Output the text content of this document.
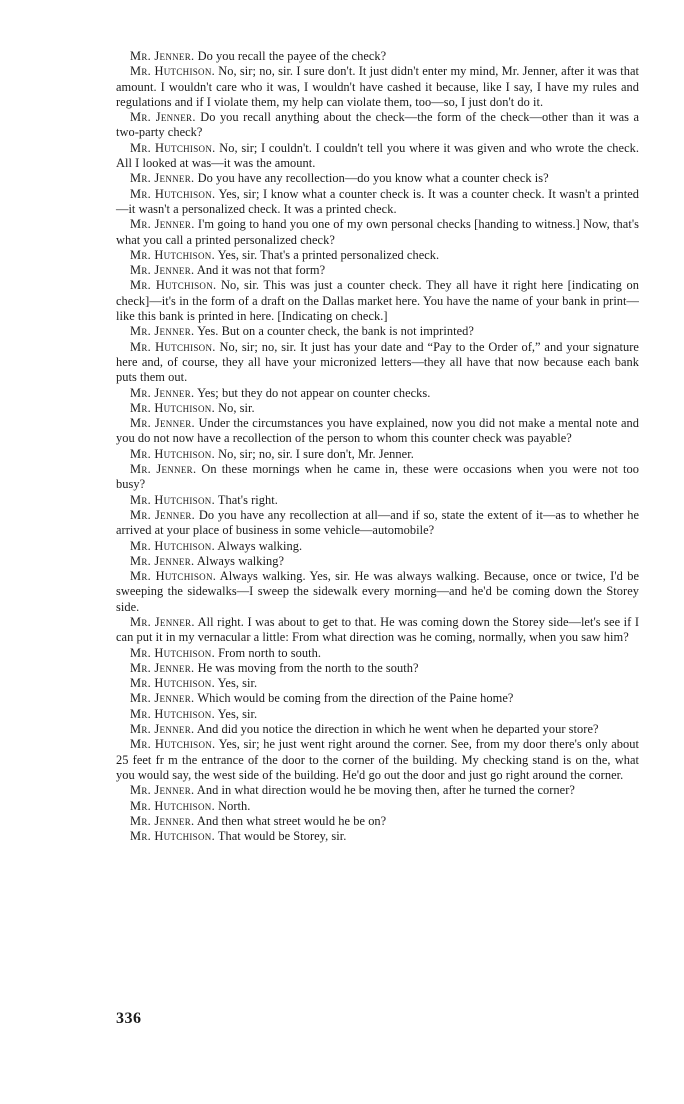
Mr. Jenner. Do you recall the payee of the check?

Mr. Hutchison. No, sir; no, sir. I sure don't. It just didn't enter my mind, Mr. Jenner, after it was that amount. I wouldn't care who it was, I wouldn't have cashed it because, like I say, I have my rules and regulations and if I violate them, my help can violate them, too—so, I just don't do it.

Mr. Jenner. Do you recall anything about the check—the form of the check—other than it was a two-party check?

Mr. Hutchison. No, sir; I couldn't. I couldn't tell you where it was given and who wrote the check. All I looked at was—it was the amount.

Mr. Jenner. Do you have any recollection—do you know what a counter check is?

Mr. Hutchison. Yes, sir; I know what a counter check is. It was a counter check. It wasn't a printed—it wasn't a personalized check. It was a printed check.

Mr. Jenner. I'm going to hand you one of my own personal checks [handing to witness.] Now, that's what you call a printed personalized check?

Mr. Hutchison. Yes, sir. That's a printed personalized check.

Mr. Jenner. And it was not that form?

Mr. Hutchison. No, sir. This was just a counter check. They all have it right here [indicating on check]—it's in the form of a draft on the Dallas market here. You have the name of your bank in print—like this bank is printed in here. [Indicating on check.]

Mr. Jenner. Yes. But on a counter check, the bank is not imprinted?

Mr. Hutchison. No, sir; no, sir. It just has your date and “Pay to the Order of,” and your signature here and, of course, they all have your micronized letters—they all have that now because each bank puts them out.

Mr. Jenner. Yes; but they do not appear on counter checks.

Mr. Hutchison. No, sir.

Mr. Jenner. Under the circumstances you have explained, now you did not make a mental note and you do not now have a recollection of the person to whom this counter check was payable?

Mr. Hutchison. No, sir; no, sir. I sure don't, Mr. Jenner.

Mr. Jenner. On these mornings when he came in, these were occasions when you were not too busy?

Mr. Hutchison. That's right.

Mr. Jenner. Do you have any recollection at all—and if so, state the extent of it—as to whether he arrived at your place of business in some vehicle—automobile?

Mr. Hutchison. Always walking.

Mr. Jenner. Always walking?

Mr. Hutchison. Always walking. Yes, sir. He was always walking. Because, once or twice, I'd be sweeping the sidewalks—I sweep the sidewalk every morning—and he'd be coming down the Storey side.

Mr. Jenner. All right. I was about to get to that. He was coming down the Storey side—let's see if I can put it in my vernacular a little: From what direction was he coming, normally, when you saw him?

Mr. Hutchison. From north to south.

Mr. Jenner. He was moving from the north to the south?

Mr. Hutchison. Yes, sir.

Mr. Jenner. Which would be coming from the direction of the Paine home?

Mr. Hutchison. Yes, sir.

Mr. Jenner. And did you notice the direction in which he went when he departed your store?

Mr. Hutchison. Yes, sir; he just went right around the corner. See, from my door there's only about 25 feet fr m the entrance of the door to the corner of the building. My checking stand is on the, what you would say, the west side of the building. He'd go out the door and just go right around the corner.

Mr. Jenner. And in what direction would he be moving then, after he turned the corner?

Mr. Hutchison. North.

Mr. Jenner. And then what street would he be on?

Mr. Hutchison. That would be Storey, sir.

336
